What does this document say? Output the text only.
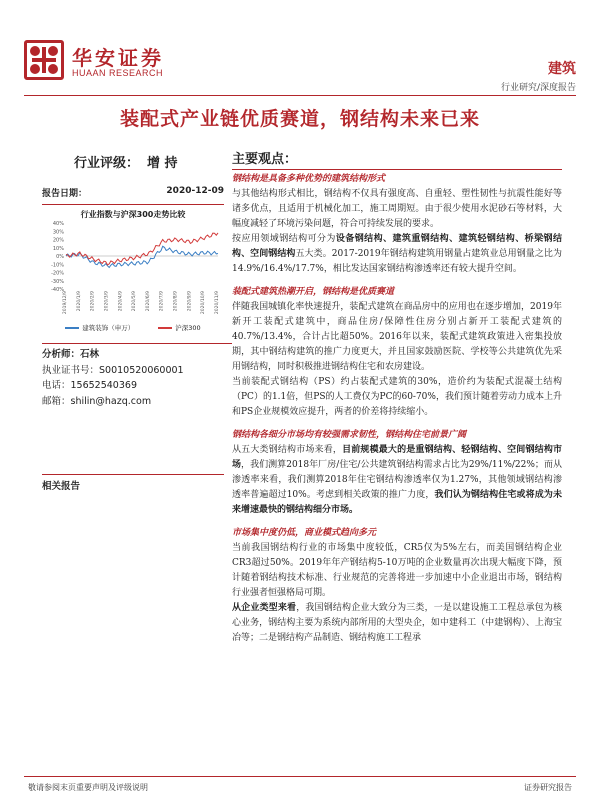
华安证券
HUAAN RESEARCH	建筑
行业研究/深度报告
装配式产业链优质赛道，钢结构未来已来
行业评级： 增 持
报告日期：	2020-12-09
行业指数与沪深300走势比较
40%
30%
20%
10%
0%
-10%
-20%
-30%
-40%
2019/12/9 2020/1/9 2020/2/9 2020/3/9 2020/4/9 2020/5/9 2020/6/9 2020/7/9 2020/8/9 2020/9/9 2020/10/9 2020/11/9
建筑装饰（申万）	沪深300
分析师：石林
执业证书号：S0010520060001
电话：15652540369
邮箱：shilin@hazq.com
相关报告
主要观点：
钢结构是具备多种优势的建筑结构形式
与其他结构形式相比，钢结构不仅具有强度高、自重轻、塑性韧性与抗震性能好等诸多优点，且适用于机械化加工，施工周期短。由于很少使用水泥砂石等材料，大幅度减轻了环境污染问题，符合可持续发展的要求。
按应用领域钢结构可分为设备钢结构、建筑重钢结构、建筑轻钢结构、桥梁钢结构、空间钢结构五大类。2017-2019年钢结构建筑用钢量占建筑业总用钢量之比为14.9%/16.4%/17.7%，相比发达国家钢结构渗透率还有较大提升空间。
装配式建筑热潮开启，钢结构是优质赛道
伴随我国城镇化率快速提升，装配式建筑在商品房中的应用也在逐步增加，2019年新开工装配式建筑中，商品住房/保障性住房分别占新开工装配式建筑的40.7%/13.4%，合计占比超50%。2016年以来，装配式建筑政策进入密集投放期，其中钢结构建筑的推广力度更大，并且国家鼓励医院、学校等公共建筑优先采用钢结构，同时积极推进钢结构住宅和农房建设。
当前装配式钢结构（PS）约占装配式建筑的30%，造价约为装配式混凝土结构（PC）的1.1倍，但PS的人工费仅为PC的60-70%，我们预计随着劳动力成本上升和PS企业规模效应提升，两者的价差将持续缩小。
钢结构各细分市场均有较强需求韧性，钢结构住宅前景广阔
从五大类钢结构市场来看，目前规模最大的是重钢结构、轻钢结构、空间钢结构市场，我们测算2018年厂房/住宅/公共建筑钢结构需求占比为29%/11%/22%；而从渗透率来看，我们测算2018年住宅钢结构渗透率仅为1.27%，其他领域钢结构渗透率普遍超过10%。考虑到相关政策的推广力度，我们认为钢结构住宅或将成为未来增速最快的钢结构细分市场。
市场集中度仍低，商业模式趋向多元
当前我国钢结构行业的市场集中度较低，CR5仅为5%左右，而美国钢结构企业CR3超过50%。2019年年产钢结构5-10万吨的企业数量再次出现大幅度下降，预计随着钢结构技术标准、行业规范的完善将进一步加速中小企业退出市场，钢结构行业强者恒强格局可期。
从企业类型来看，我国钢结构企业大致分为三类，一是以建设施工工程总承包为核心业务，钢结构主要为系统内部所用的大型央企，如中建科工（中建钢构）、上海宝冶等；二是钢结构产品制造、钢结构施工工程承
敬请参阅末页重要声明及评级说明	证券研究报告
